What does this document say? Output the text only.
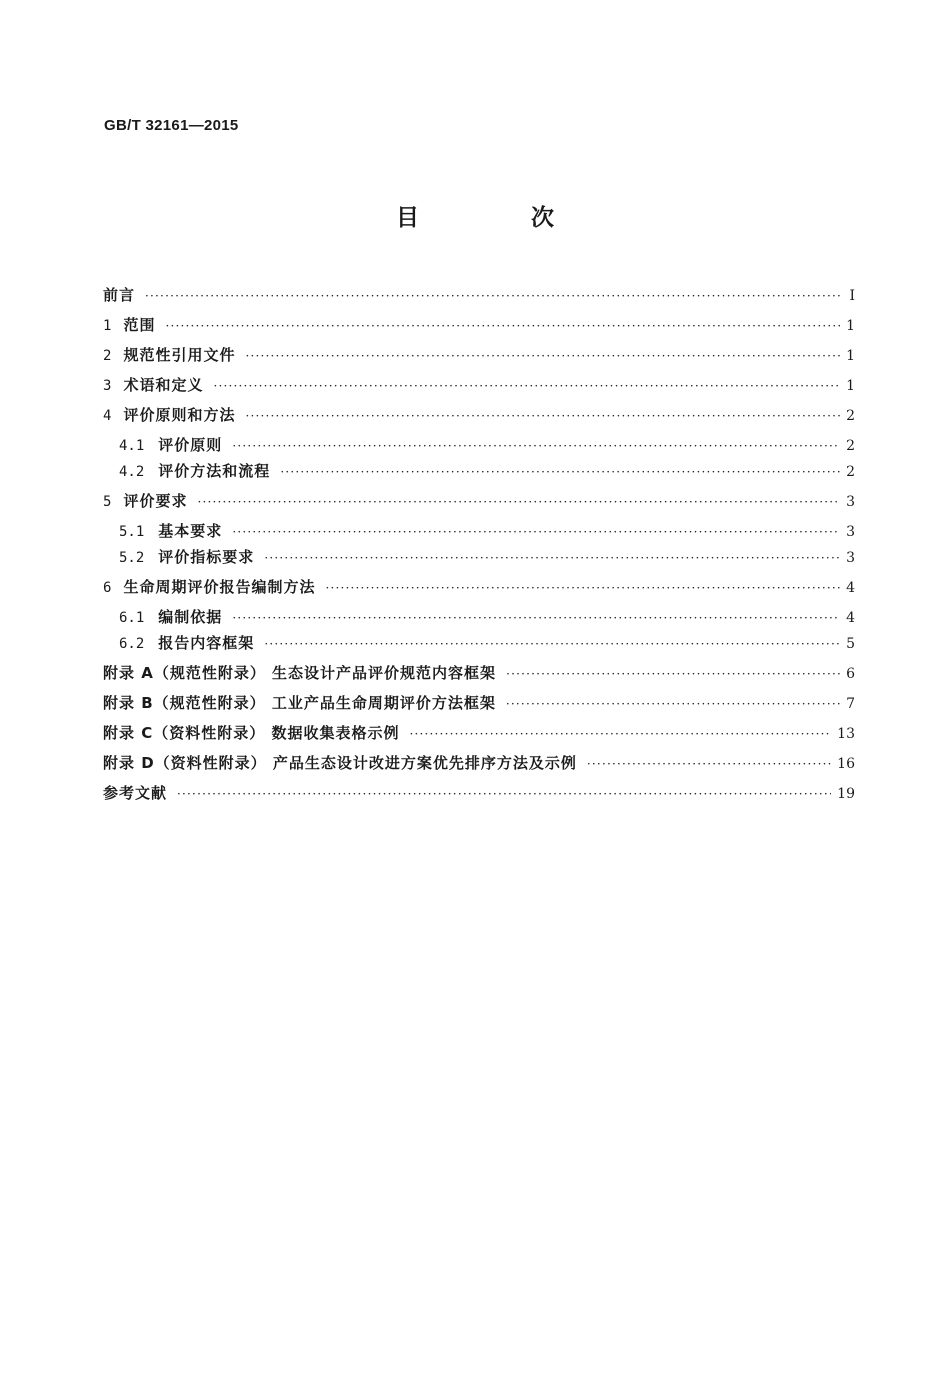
GB/T 32161—2015
目 次
前言 ·····	Ⅰ
1 范围 ·····	1
2 规范性引用文件 ·····	1
3 术语和定义 ·····	1
4 评价原则和方法 ·····	2
4.1 评价原则 ·····	2
4.2 评价方法和流程 ·····	2
5 评价要求 ·····	3
5.1 基本要求 ·····	3
5.2 评价指标要求 ·····	3
6 生命周期评价报告编制方法 ·····	4
6.1 编制依据 ·····	4
6.2 报告内容框架 ·····	5
附录 A（规范性附录） 生态设计产品评价规范内容框架 ·····	6
附录 B（规范性附录） 工业产品生命周期评价方法框架 ·····	7
附录 C（资料性附录） 数据收集表格示例 ·····	13
附录 D（资料性附录） 产品生态设计改进方案优先排序方法及示例 ·····	16
参考文献 ·····	19
